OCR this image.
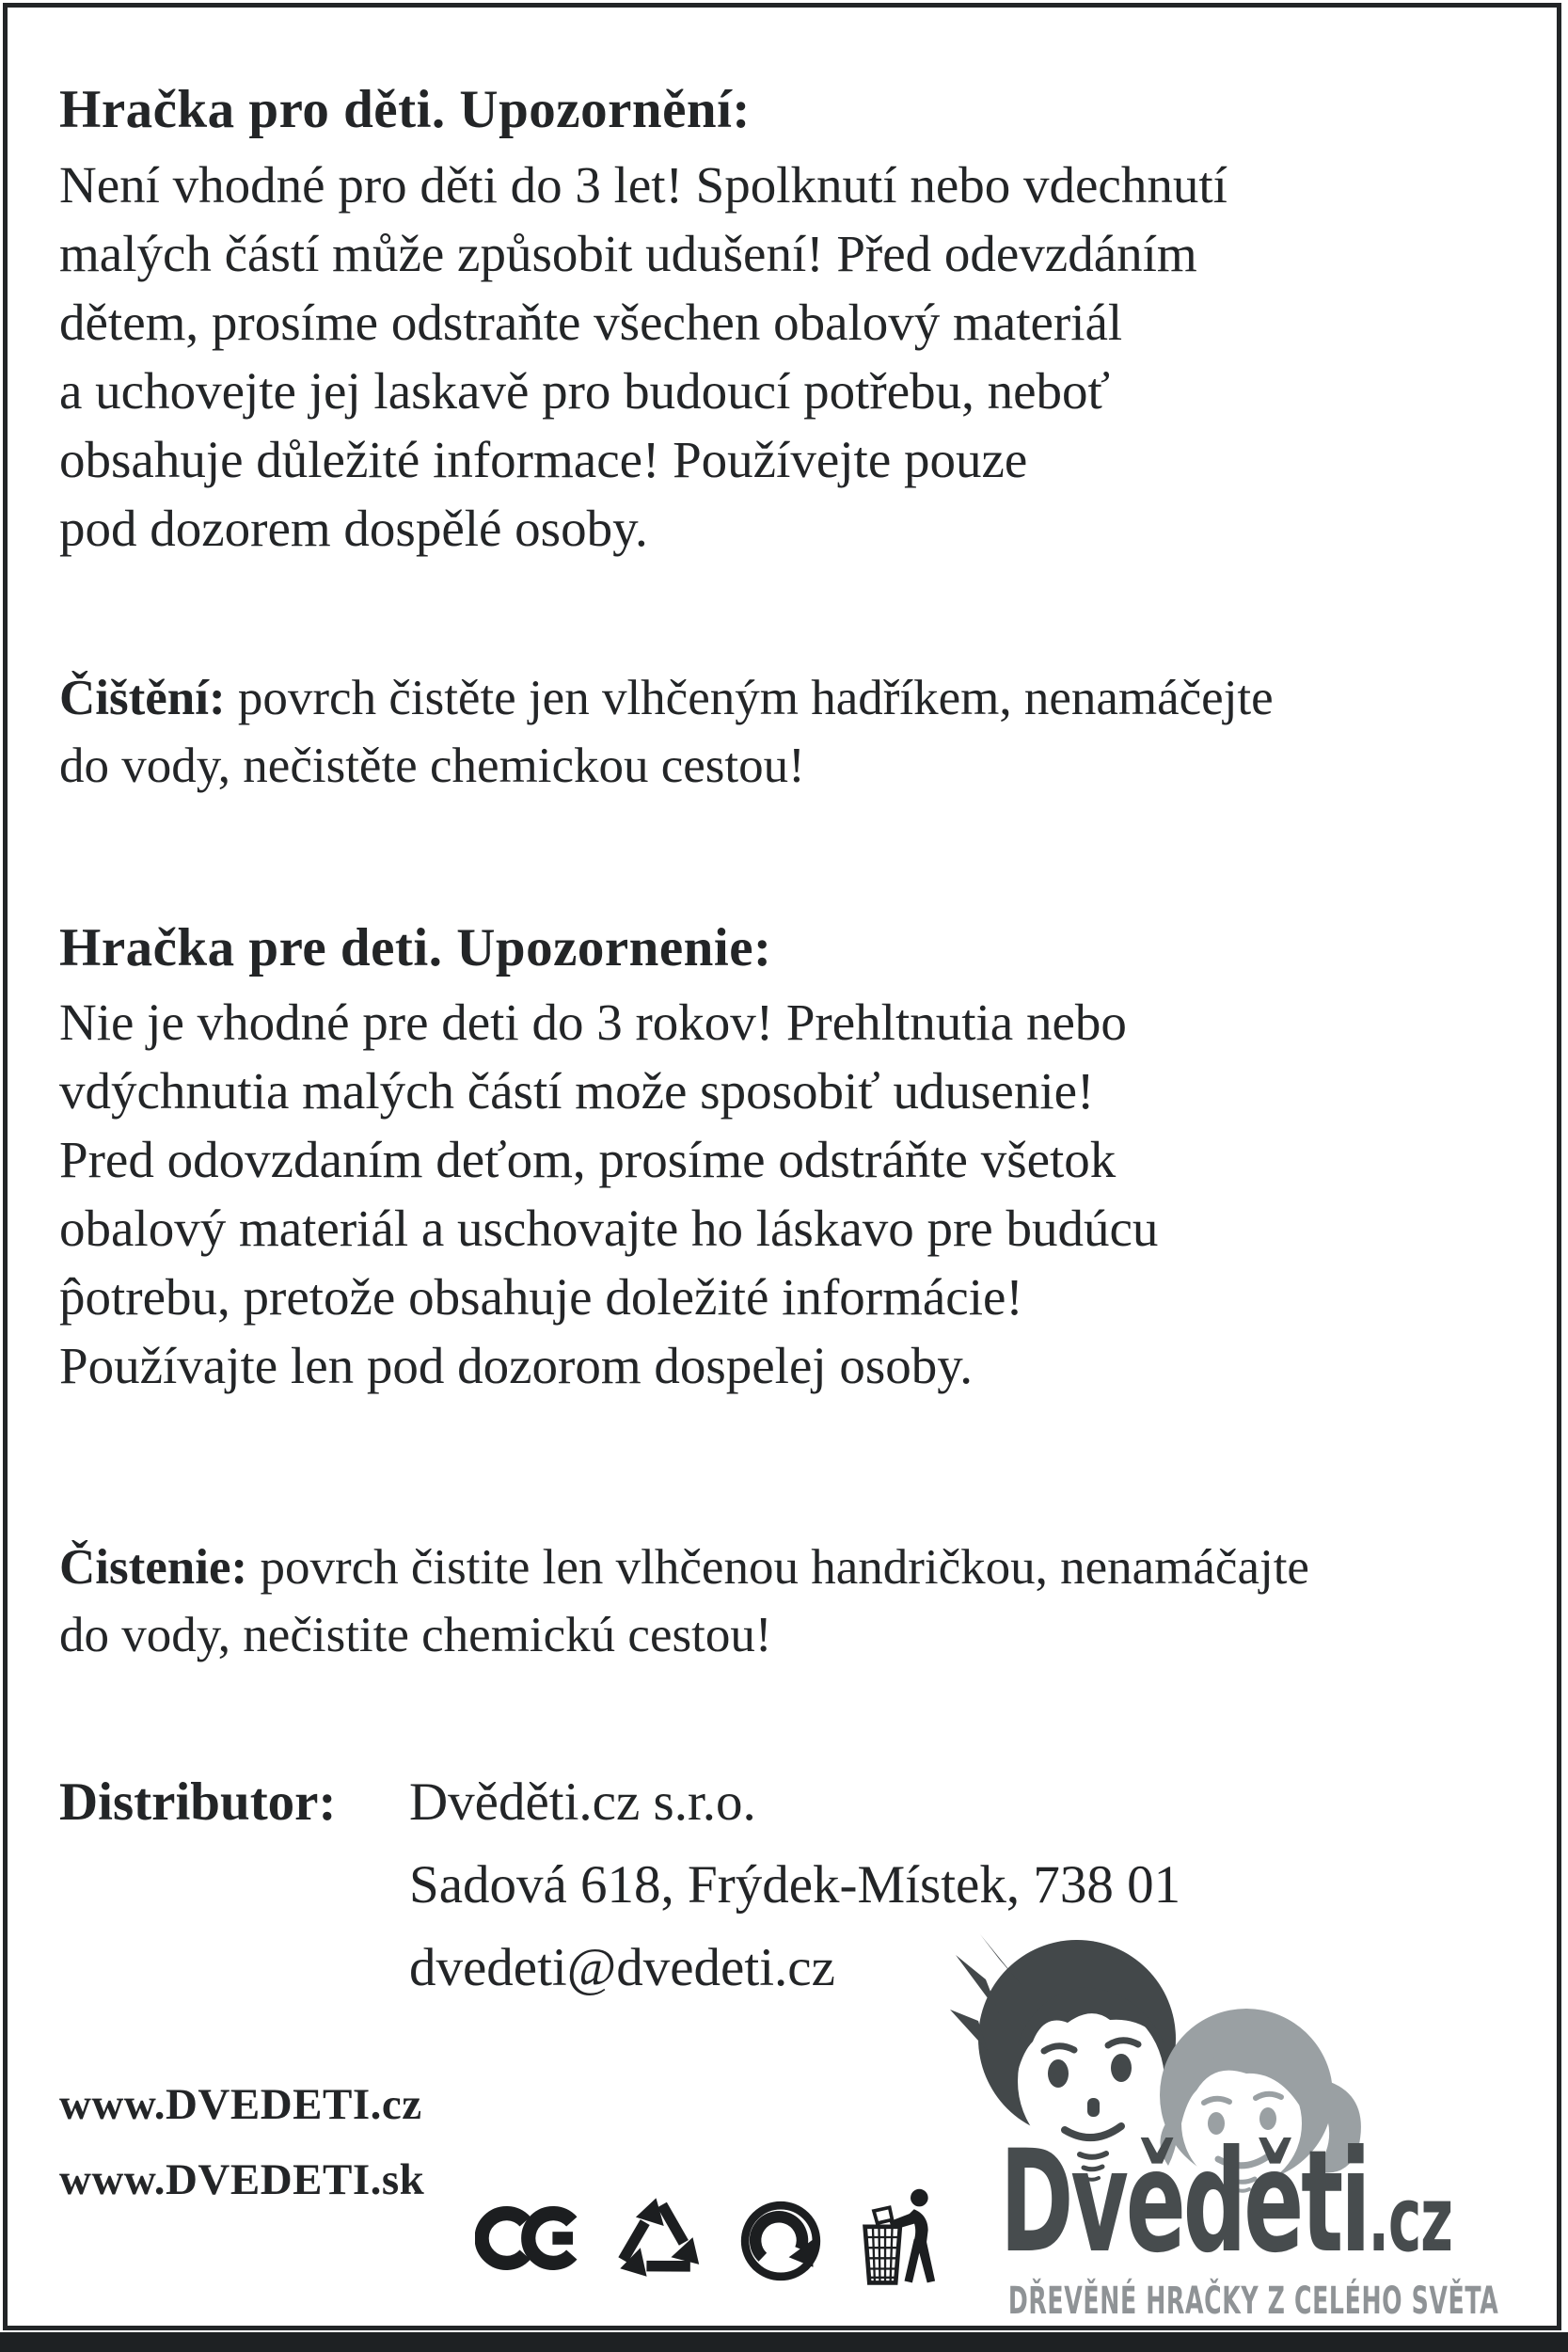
Hračka pro děti. Upozornění:
Není vhodné pro děti do 3 let! Spolknutí nebo vdechnutí
malých částí může způsobit udušení! Před odevzdáním
dětem, prosíme odstraňte všechen obalový materiál
a uchovejte jej laskavě pro budoucí potřebu, neboť
obsahuje důležité informace! Používejte pouze
pod dozorem dospělé osoby.
Čištění: povrch čistěte jen vlhčeným hadříkem, nenamáčejte
do vody, nečistěte chemickou cestou!
Hračka pre deti. Upozornenie:
Nie je vhodné pre deti do 3 rokov! Prehltnutia nebo
vdýchnutia malých částí može sposobiť udusenie!
Pred odovzdaním deťom, prosíme odstráňte všetok
obalový materiál a uschovajte ho láskavo pre budúcu
p̂otrebu, pretože obsahuje doležité informácie!
Používajte len pod dozorom dospelej osoby.
Čistenie: povrch čistite len vlhčenou handričkou, nenamáčajte
do vody, nečistite chemickú cestou!
Distributor: Dvěděti.cz s.r.o.
Sadová 618, Frýdek-Místek, 738 01
dvedeti@dvedeti.cz
www.DVEDETI.cz
www.DVEDETI.sk	Dvěděti.cz
DŘEVĚNÉ HRAČKY Z CELÉHO SVĚTA
